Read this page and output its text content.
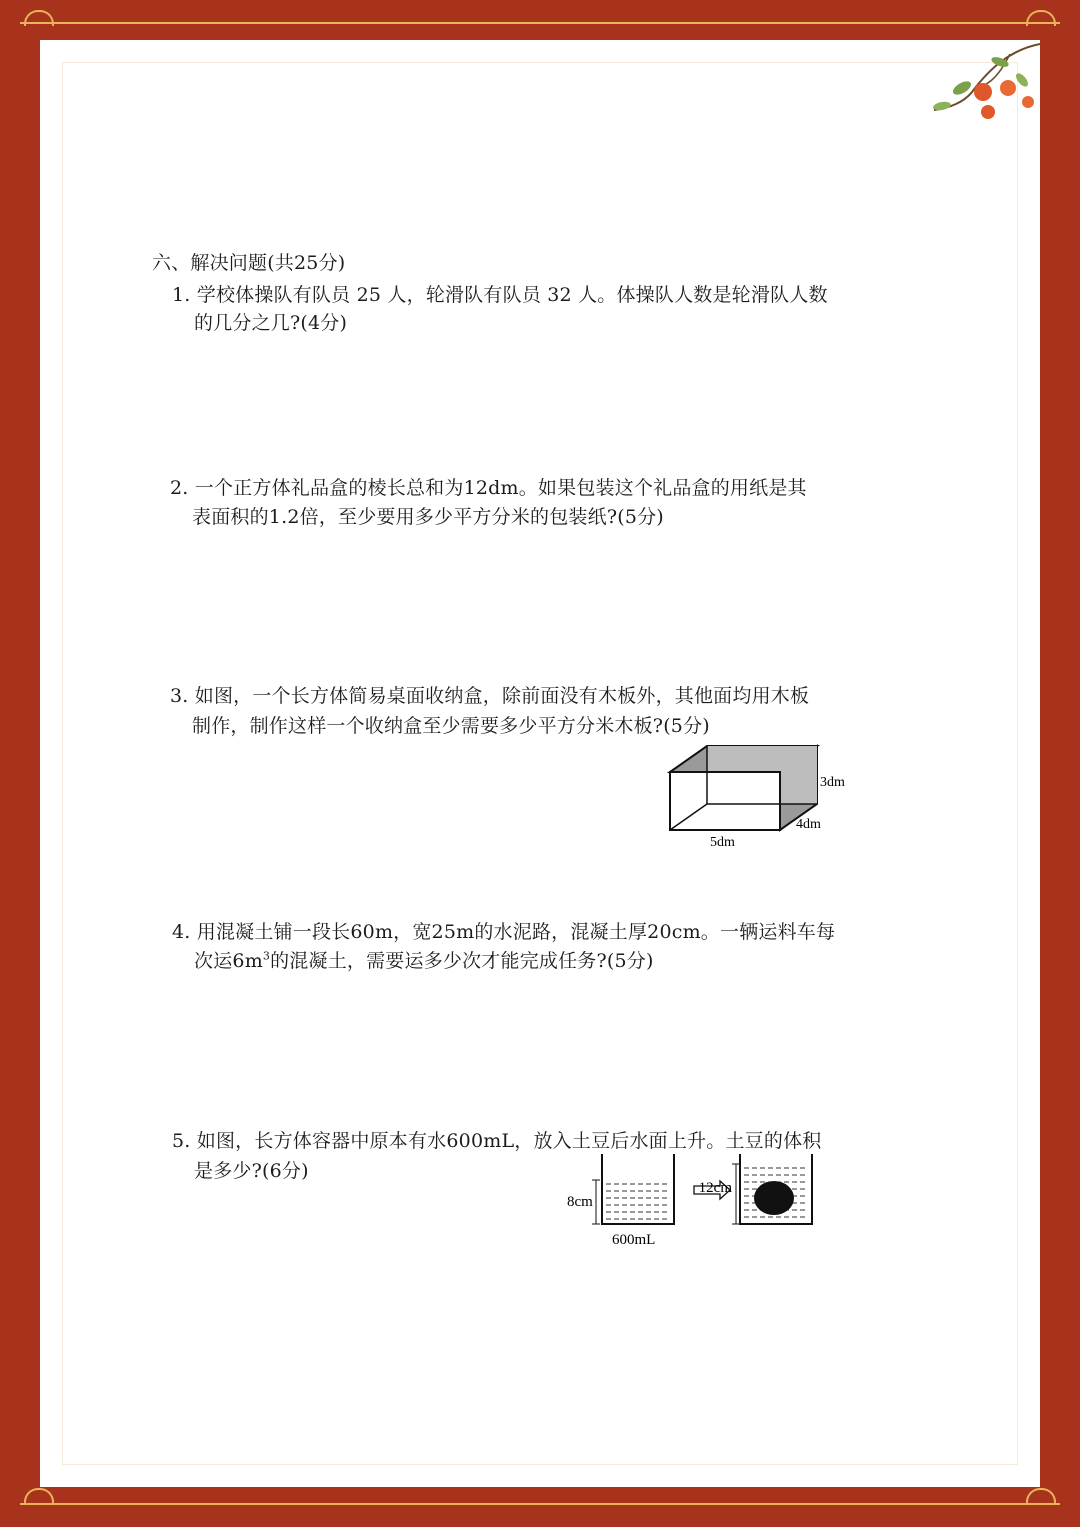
六、解决问题(共25分)
1. 学校体操队有队员 25 人，轮滑队有队员 32 人。体操队人数是轮滑队人数
的几分之几?(4分)
2. 一个正方体礼品盒的棱长总和为12dm。如果包装这个礼品盒的用纸是其
表面积的1.2倍，至少要用多少平方分米的包装纸?(5分)
3. 如图，一个长方体简易桌面收纳盒，除前面没有木板外，其他面均用木板
制作，制作这样一个收纳盒至少需要多少平方分米木板?(5分)
3dm
4dm
5dm
4. 用混凝土铺一段长60m，宽25m的水泥路，混凝土厚20cm。一辆运料车每
次运$6m^3$的混凝土，需要运多少次才能完成任务?(5分)
5. 如图，长方体容器中原本有水600mL，放入土豆后水面上升。土豆的体积
是多少?(6分)
8cm
600mL
12cm
